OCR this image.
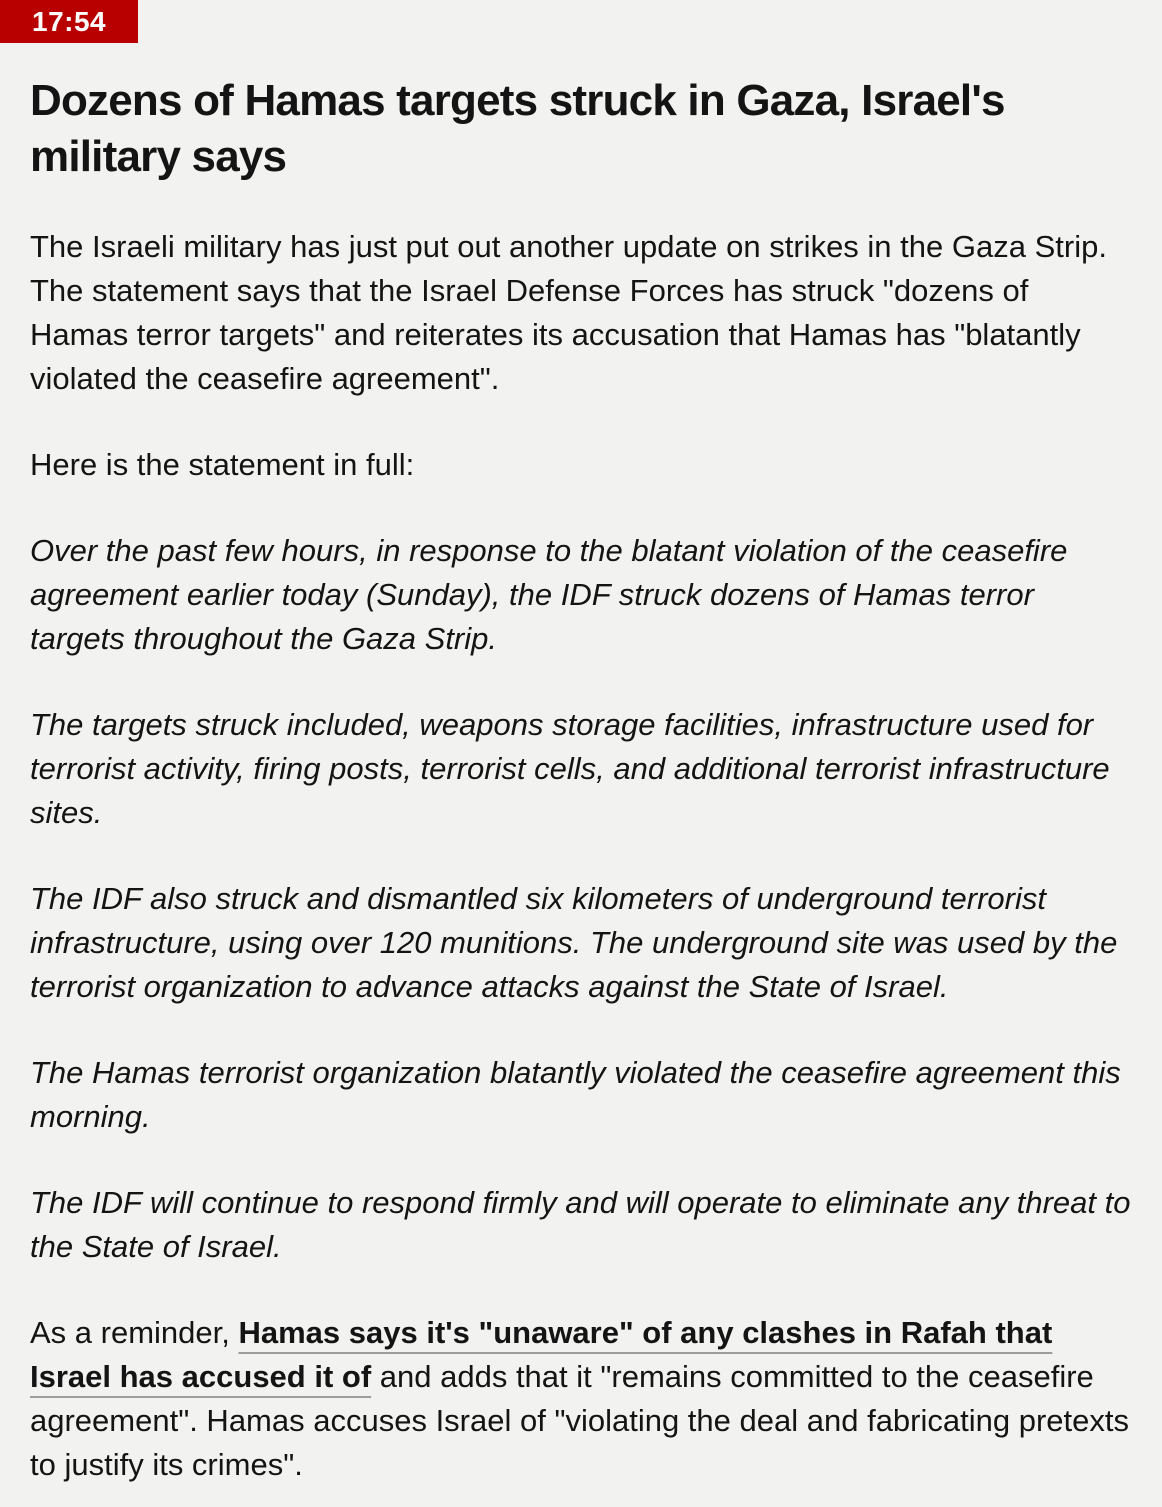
17:54
Dozens of Hamas targets struck in Gaza, Israel's military says

The Israeli military has just put out another update on strikes in the Gaza Strip. The statement says that the Israel Defense Forces has struck "dozens of Hamas terror targets" and reiterates its accusation that Hamas has "blatantly violated the ceasefire agreement".

Here is the statement in full:

Over the past few hours, in response to the blatant violation of the ceasefire agreement earlier today (Sunday), the IDF struck dozens of Hamas terror targets throughout the Gaza Strip.

The targets struck included, weapons storage facilities, infrastructure used for terrorist activity, firing posts, terrorist cells, and additional terrorist infrastructure sites.

The IDF also struck and dismantled six kilometers of underground terrorist infrastructure, using over 120 munitions. The underground site was used by the terrorist organization to advance attacks against the State of Israel.

The Hamas terrorist organization blatantly violated the ceasefire agreement this morning.

The IDF will continue to respond firmly and will operate to eliminate any threat to the State of Israel.

As a reminder, Hamas says it's "unaware" of any clashes in Rafah that Israel has accused it of and adds that it "remains committed to the ceasefire agreement". Hamas accuses Israel of "violating the deal and fabricating pretexts to justify its crimes".
